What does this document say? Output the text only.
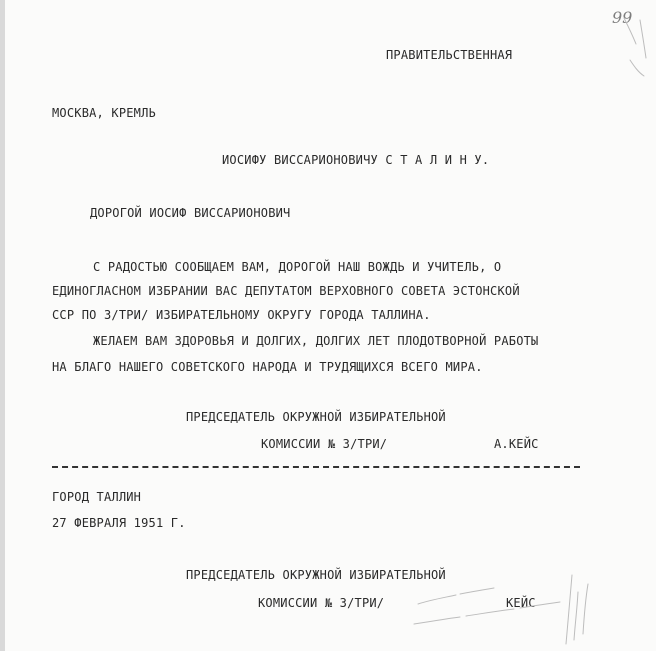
99
ПРАВИТЕЛЬСТВЕННАЯ
МОСКВА, КРЕМЛЬ
ИОСИФУ ВИССАРИОНОВИЧУ С Т А Л И Н У.
ДОРОГОЙ ИОСИФ ВИССАРИОНОВИЧ
С РАДОСТЬЮ СООБЩАЕМ ВАМ, ДОРОГОЙ НАШ ВОЖДЬ И УЧИТЕЛЬ, О
ЕДИНОГЛАСНОМ ИЗБРАНИИ ВАС ДЕПУТАТОМ ВЕРХОВНОГО СОВЕТА ЭСТОНСКОЙ
ССР ПО 3/ТРИ/ ИЗБИРАТЕЛЬНОМУ ОКРУГУ ГОРОДА ТАЛЛИНА.
ЖЕЛАЕМ ВАМ ЗДОРОВЬЯ И ДОЛГИХ, ДОЛГИХ ЛЕТ ПЛОДОТВОРНОЙ РАБОТЫ
НА БЛАГО НАШЕГО СОВЕТСКОГО НАРОДА И ТРУДЯЩИХСЯ ВСЕГО МИРА.
ПРЕДСЕДАТЕЛЬ ОКРУЖНОЙ ИЗБИРАТЕЛЬНОЙ
КОМИССИИ № 3/ТРИ/	А.КЕЙС
ГОРОД ТАЛЛИН
27 ФЕВРАЛЯ 1951 Г.
ПРЕДСЕДАТЕЛЬ ОКРУЖНОЙ ИЗБИРАТЕЛЬНОЙ
КОМИССИИ № 3/ТРИ/	КЕЙС
